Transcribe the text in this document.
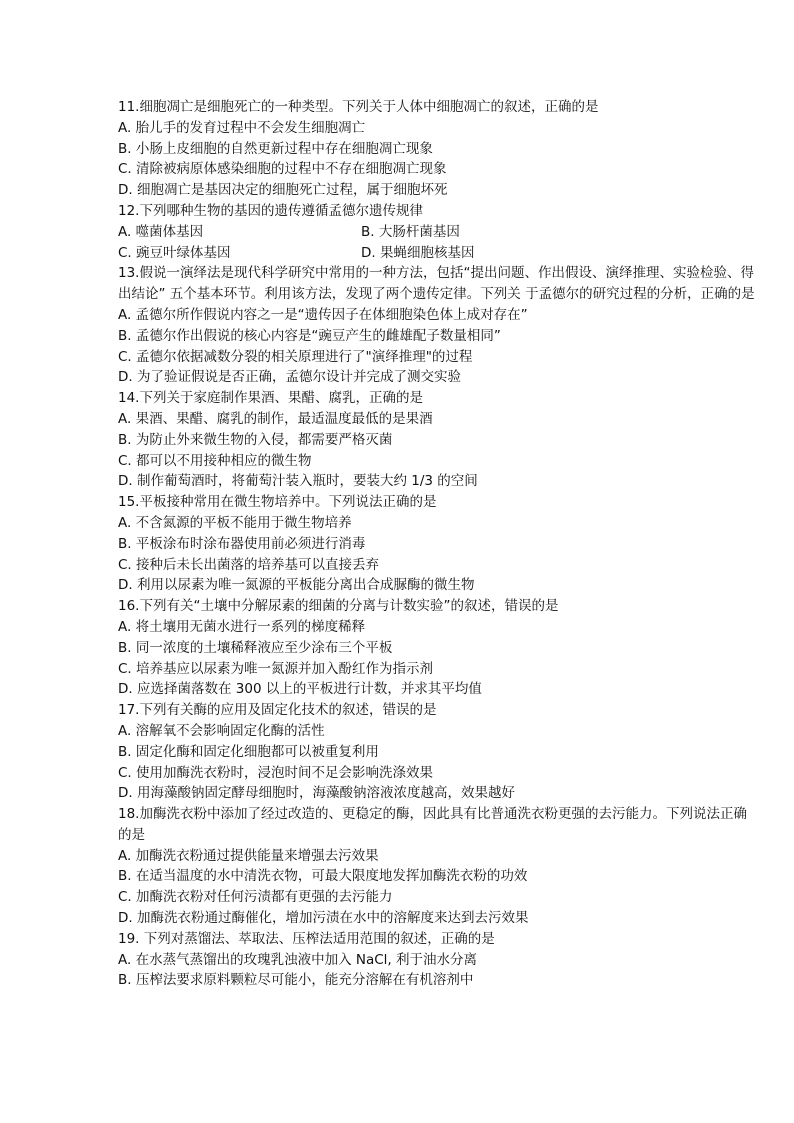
11.细胞凋亡是细胞死亡的一种类型。下列关于人体中细胞凋亡的叙述，正确的是

A. 胎儿手的发育过程中不会发生细胞凋亡

B. 小肠上皮细胞的自然更新过程中存在细胞凋亡现象

C. 清除被病原体感染细胞的过程中不存在细胞凋亡现象

D. 细胞凋亡是基因决定的细胞死亡过程，属于细胞坏死

12.下列哪种生物的基因的遗传遵循孟德尔遗传规律

A. 噬菌体基因	B. 大肠杆菌基因

C. 豌豆叶绿体基因	D. 果蝇细胞核基因

13.假说一演绎法是现代科学研究中常用的一种方法，包括“提出问题、作出假设、演绎推理、实验检验、得出结论” 五个基本环节。利用该方法，发现了两个遗传定律。下列关 于孟德尔的研究过程的分析，正确的是

A. 孟德尔所作假说内容之一是“遗传因子在体细胞染色体上成对存在”

B. 孟德尔作出假说的核心内容是“豌豆产生的雌雄配子数量相同”

C. 孟德尔依据减数分裂的相关原理进行了"演绎推理"的过程

D. 为了验证假说是否正确，孟德尔设计并完成了测交实验

14.下列关于家庭制作果酒、果醋、腐乳，正确的是

A. 果酒、果醋、腐乳的制作，最适温度最低的是果酒

B. 为防止外来微生物的入侵，都需要严格灭菌

C. 都可以不用接种相应的微生物

D. 制作葡萄酒时，将葡萄汁装入瓶时，要装大约 1/3 的空间

15.平板接种常用在微生物培养中。下列说法正确的是

A. 不含氮源的平板不能用于微生物培养

B. 平板涂布时涂布器使用前必须进行消毒

C. 接种后未长出菌落的培养基可以直接丢弃

D. 利用以尿素为唯一氮源的平板能分离出合成脲酶的微生物

16.下列有关“土壤中分解尿素的细菌的分离与计数实验”的叙述，错误的是

A. 将土壤用无菌水进行一系列的梯度稀释

B. 同一浓度的土壤稀释液应至少涂布三个平板

C. 培养基应以尿素为唯一氮源并加入酚红作为指示剂

D. 应选择菌落数在 300 以上的平板进行计数，并求其平均值

17.下列有关酶的应用及固定化技术的叙述，错误的是

A. 溶解氧不会影响固定化酶的活性

B. 固定化酶和固定化细胞都可以被重复利用

C. 使用加酶洗衣粉时，浸泡时间不足会影响洗涤效果

D. 用海藻酸钠固定酵母细胞时，海藻酸钠溶液浓度越高，效果越好

18.加酶洗衣粉中添加了经过改造的、更稳定的酶，因此具有比普通洗衣粉更强的去污能力。下列说法正确的是

A. 加酶洗衣粉通过提供能量来增强去污效果

B. 在适当温度的水中清洗衣物，可最大限度地发挥加酶洗衣粉的功效

C. 加酶洗衣粉对任何污渍都有更强的去污能力

D. 加酶洗衣粉通过酶催化，增加污渍在水中的溶解度来达到去污效果

19. 下列对蒸馏法、萃取法、压榨法适用范围的叙述，正确的是

A. 在水蒸气蒸馏出的玫瑰乳浊液中加入 NaCl, 利于油水分离

B. 压榨法要求原料颗粒尽可能小，能充分溶解在有机溶剂中
